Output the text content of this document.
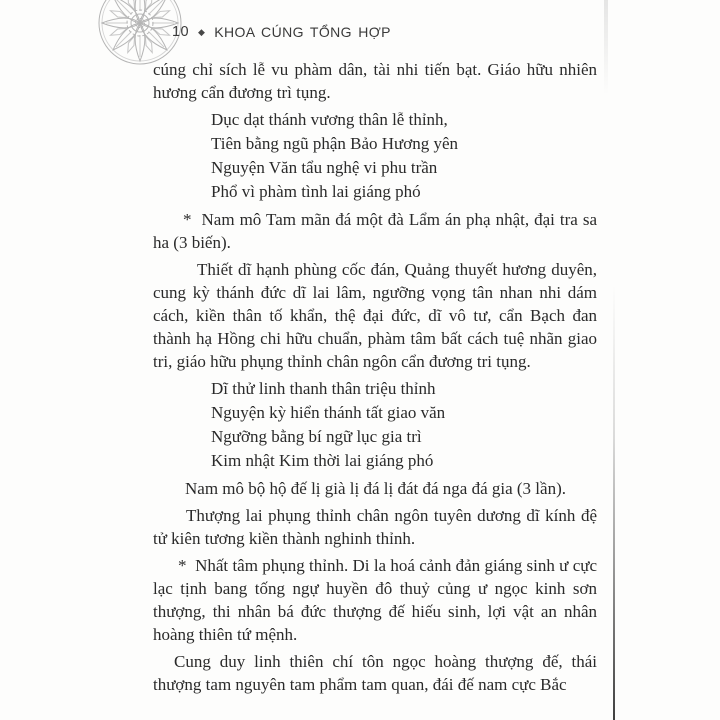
10 ◆ KHOA CÚNG TỔNG HỢP

cúng chỉ sích lễ vu phàm dân, tài nhi tiến bạt. Giáo hữu nhiên hương cẩn đương trì tụng.

Dục dạt thánh vương thân lễ thỉnh,
Tiên bằng ngũ phận Bảo Hương yên
Nguyện Văn tẩu nghệ vi phu trần
Phổ vì phàm tình lai giáng phó

*  Nam mô Tam mãn đá một đà Lẩm án phạ nhật, đại tra sa ha (3 biến).

Thiết dĩ hạnh phùng cốc đán, Quảng thuyết hương duyên, cung kỳ thánh đức dĩ lai lâm, ngưỡng vọng tân nhan nhi dám cách, kiền thân tố khẩn, thệ đại đức, dĩ vô tư, cẩn Bạch đan thành hạ Hồng chi hữu chuẩn, phàm tâm bất cách tuệ nhãn giao tri, giáo hữu phụng thỉnh chân ngôn cẩn đương tri tụng.

Dĩ thử linh thanh thân triệu thỉnh
Nguyện kỳ hiển thánh tất giao văn
Ngưỡng bằng bí ngữ lục gia trì
Kim nhật Kim thời lai giáng phó

Nam mô bộ hộ đế lị già lị đá lị đát đá nga đá gia (3 lần).

Thượng lai phụng thỉnh chân ngôn tuyên dương dĩ kính đệ tử kiên tương kiền thành nghinh thỉnh.

*  Nhất tâm phụng thỉnh. Di la hoá cảnh đản giáng sinh ư cực lạc tịnh bang tống ngự huyền đô thuỷ củng ư ngọc kinh sơn thượng, thi nhân bá đức thượng đế hiếu sinh, lợi vật an nhân hoàng thiên tứ mệnh.

Cung duy linh thiên chí tôn ngọc hoàng thượng đế, thái thượng tam nguyên tam phẩm tam quan, đái đế nam cực Bắc
